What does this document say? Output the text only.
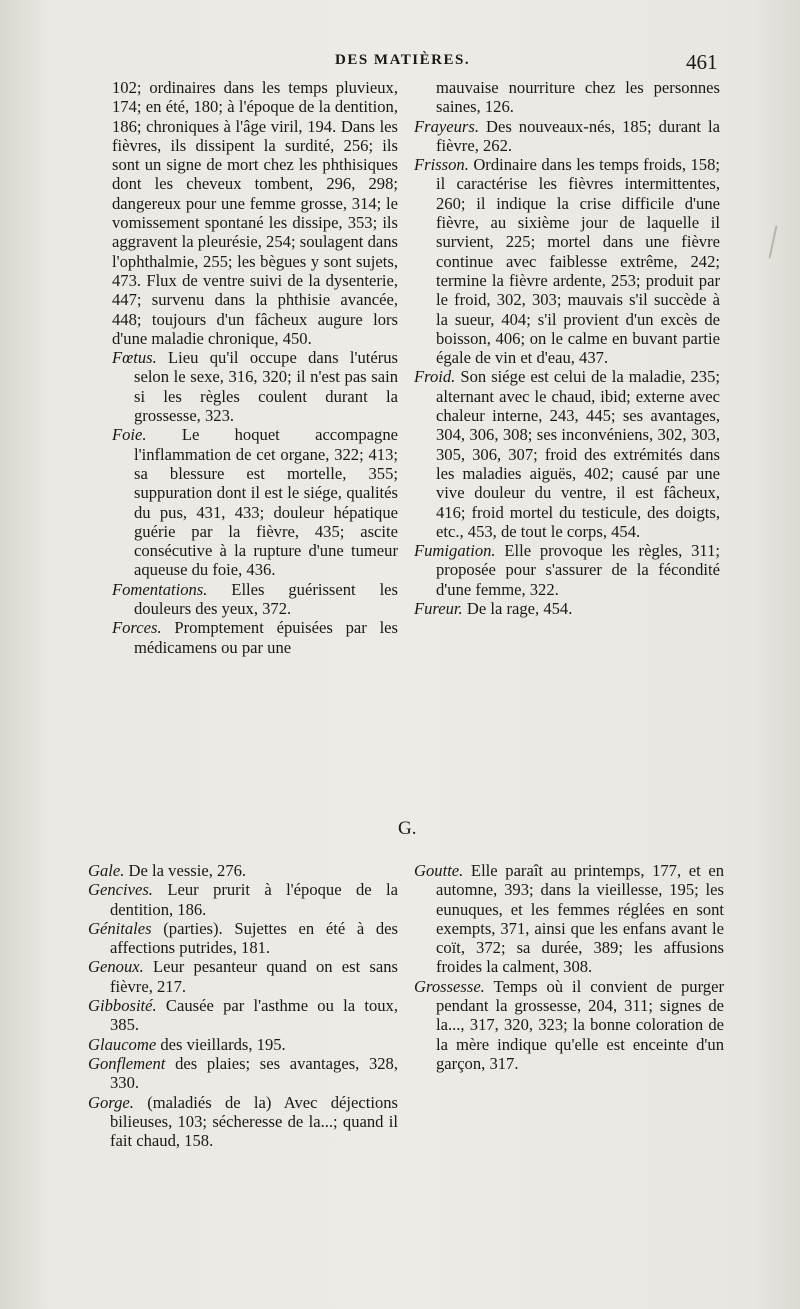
DES MATIÈRES.	461
102; ordinaires dans les temps pluvieux, 174; en été, 180; à l'époque de la dentition, 186; chroniques à l'âge viril, 194. Dans les fièvres, ils dissipent la surdité, 256; ils sont un signe de mort chez les phthisiques dont les cheveux tombent, 296, 298; dangereux pour une femme grosse, 314; le vomissement spontané les dissipe, 353; ils aggravent la pleurésie, 254; soulagent dans l'ophthalmie, 255; les bègues y sont sujets, 473. Flux de ventre suivi de la dysenterie, 447; survenu dans la phthisie avancée, 448; toujours d'un fâcheux augure lors d'une maladie chronique, 450.
Fœtus. Lieu qu'il occupe dans l'utérus selon le sexe, 316, 320; il n'est pas sain si les règles coulent durant la grossesse, 323.
Foie. Le hoquet accompagne l'inflammation de cet organe, 322; 413; sa blessure est mortelle, 355; suppuration dont il est le siége, qualités du pus, 431, 433; douleur hépatique guérie par la fièvre, 435; ascite consécutive à la rupture d'une tumeur aqueuse du foie, 436.
Fomentations. Elles guérissent les douleurs des yeux, 372.
Forces. Promptement épuisées par les médicamens ou par une
mauvaise nourriture chez les personnes saines, 126.
Frayeurs. Des nouveaux-nés, 185; durant la fièvre, 262.
Frisson. Ordinaire dans les temps froids, 158; il caractérise les fièvres intermittentes, 260; il indique la crise difficile d'une fièvre, au sixième jour de laquelle il survient, 225; mortel dans une fièvre continue avec faiblesse extrême, 242; termine la fièvre ardente, 253; produit par le froid, 302, 303; mauvais s'il succède à la sueur, 404; s'il provient d'un excès de boisson, 406; on le calme en buvant partie égale de vin et d'eau, 437.
Froid. Son siége est celui de la maladie, 235; alternant avec le chaud, ibid; externe avec chaleur interne, 243, 445; ses avantages, 304, 306, 308; ses inconvéniens, 302, 303, 305, 306, 307; froid des extrémités dans les maladies aiguës, 402; causé par une vive douleur du ventre, il est fâcheux, 416; froid mortel du testicule, des doigts, etc., 453, de tout le corps, 454.
Fumigation. Elle provoque les règles, 311; proposée pour s'assurer de la fécondité d'une femme, 322.
Fureur. De la rage, 454.
G.
Gale. De la vessie, 276.
Gencives. Leur prurit à l'époque de la dentition, 186.
Génitales (parties). Sujettes en été à des affections putrides, 181.
Genoux. Leur pesanteur quand on est sans fièvre, 217.
Gibbosité. Causée par l'asthme ou la toux, 385.
Glaucome des vieillards, 195.
Gonflement des plaies; ses avantages, 328, 330.
Gorge. (maladiés de la) Avec déjections bilieuses, 103; sécheresse de la...; quand il fait chaud, 158.
Goutte. Elle paraît au printemps, 177, et en automne, 393; dans la vieillesse, 195; les eunuques, et les femmes réglées en sont exempts, 371, ainsi que les enfans avant le coït, 372; sa durée, 389; les affusions froides la calment, 308.
Grossesse. Temps où il convient de purger pendant la grossesse, 204, 311; signes de la..., 317, 320, 323; la bonne coloration de la mère indique qu'elle est enceinte d'un garçon, 317.
